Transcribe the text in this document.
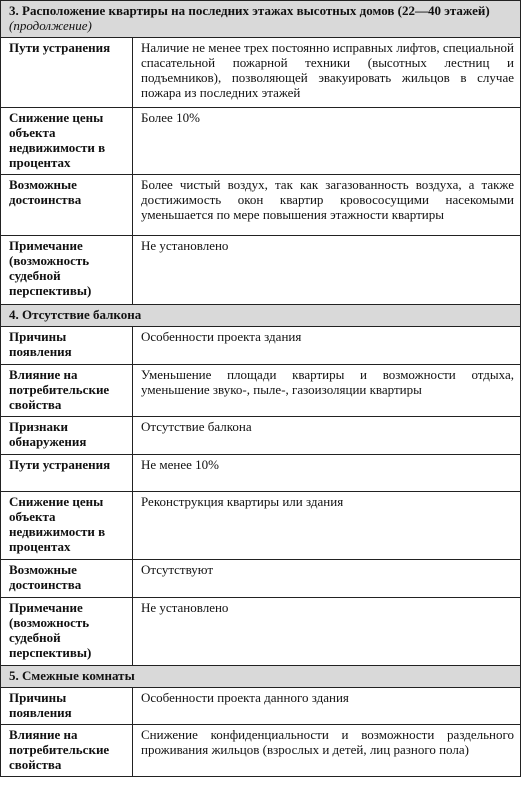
3. Расположение квартиры на последних этажах высотных домов (22—40 этажей) (продолжение)	
Пути устранения	Наличие не менее трех постоянно исправных лифтов, специальной спасательной пожарной техники (высотных лестниц и подъемников), позволяющей эвакуировать жильцов в случае пожара из последних этажей
Снижение цены объекта недвижимости в процентах	Более 10%
Возможные достоинства	Более чистый воздух, так как загазованность воздуха, а также достижимость окон квартир кровососущими насекомыми уменьшается по мере повышения этажности квартиры
Примечание (возможность судебной перспективы)	Не установлено
4. Отсутствие балкона	
Причины появления	Особенности проекта здания
Влияние на потребительские свойства	Уменьшение площади квартиры и возможности отдыха, уменьшение звуко-, пыле-, газоизоляции квартиры
Признаки обнаружения	Отсутствие балкона
Пути устранения	Не менее 10%
Снижение цены объекта недвижимости в процентах	Реконструкция квартиры или здания
Возможные достоинства	Отсутствуют
Примечание (возможность судебной перспективы)	Не установлено
5. Смежные комнаты	
Причины появления	Особенности проекта данного здания
Влияние на потребительские свойства	Снижение конфиденциальности и возможности раздельного проживания жильцов (взрослых и детей, лиц разного пола)
